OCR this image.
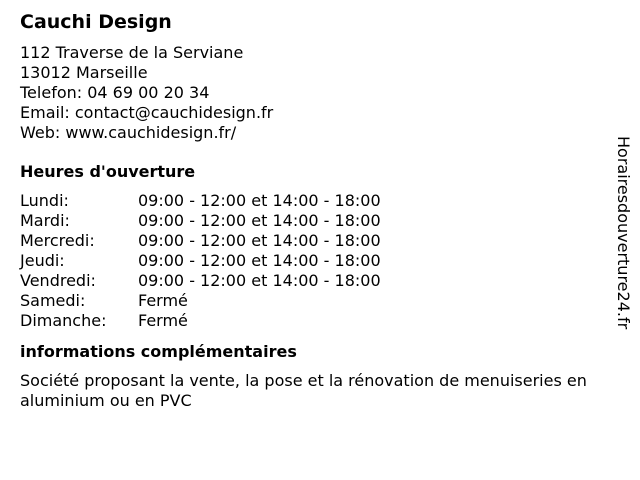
Cauchi Design
112 Traverse de la Serviane
13012 Marseille
Telefon: 04 69 00 20 34
Email: contact@cauchidesign.fr
Web: www.cauchidesign.fr/
Heures d'ouverture
Lundi:	09:00 - 12:00 et 14:00 - 18:00
Mardi:	09:00 - 12:00 et 14:00 - 18:00
Mercredi:	09:00 - 12:00 et 14:00 - 18:00
Jeudi:	09:00 - 12:00 et 14:00 - 18:00
Vendredi:	09:00 - 12:00 et 14:00 - 18:00
Samedi:	Fermé
Dimanche:	Fermé
informations complémentaires
Société proposant la vente, la pose et la rénovation de menuiseries en aluminium ou en PVC
Horairesdouverture24.fr
